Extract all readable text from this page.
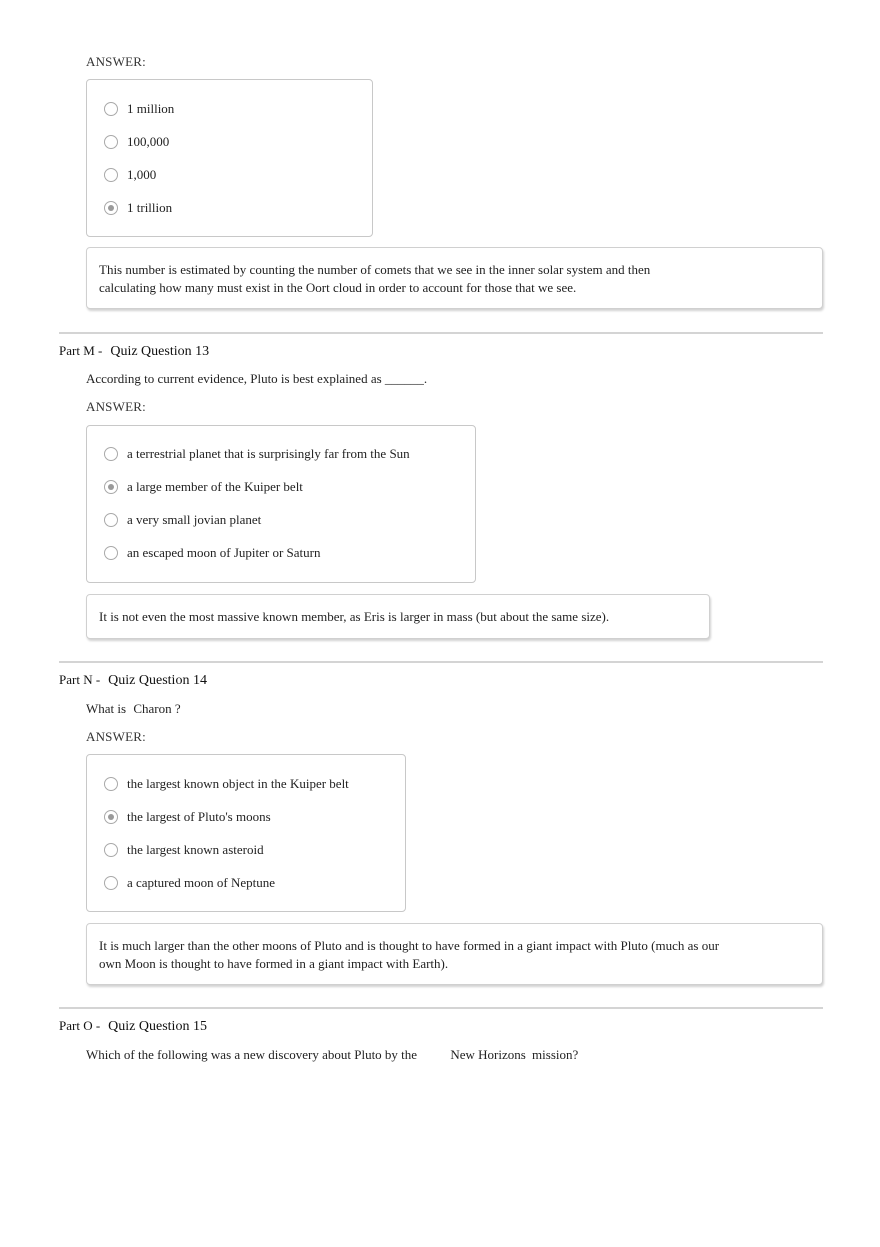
ANSWER:
1 million
100,000
1,000
1 trillion
This number is estimated by counting the number of comets that we see in the inner solar system and then calculating how many must exist in the Oort cloud in order to account for those that we see.
Part M - Quiz Question 13
According to current evidence, Pluto is best explained as ______.
ANSWER:
a terrestrial planet that is surprisingly far from the Sun
a large member of the Kuiper belt
a very small jovian planet
an escaped moon of Jupiter or Saturn
It is not even the most massive known member, as Eris is larger in mass (but about the same size).
Part N - Quiz Question 14
What is Charon ?
ANSWER:
the largest known object in the Kuiper belt
the largest of Pluto's moons
the largest known asteroid
a captured moon of Neptune
It is much larger than the other moons of Pluto and is thought to have formed in a giant impact with Pluto (much as our own Moon is thought to have formed in a giant impact with Earth).
Part O - Quiz Question 15
Which of the following was a new discovery about Pluto by the	New Horizons mission?
